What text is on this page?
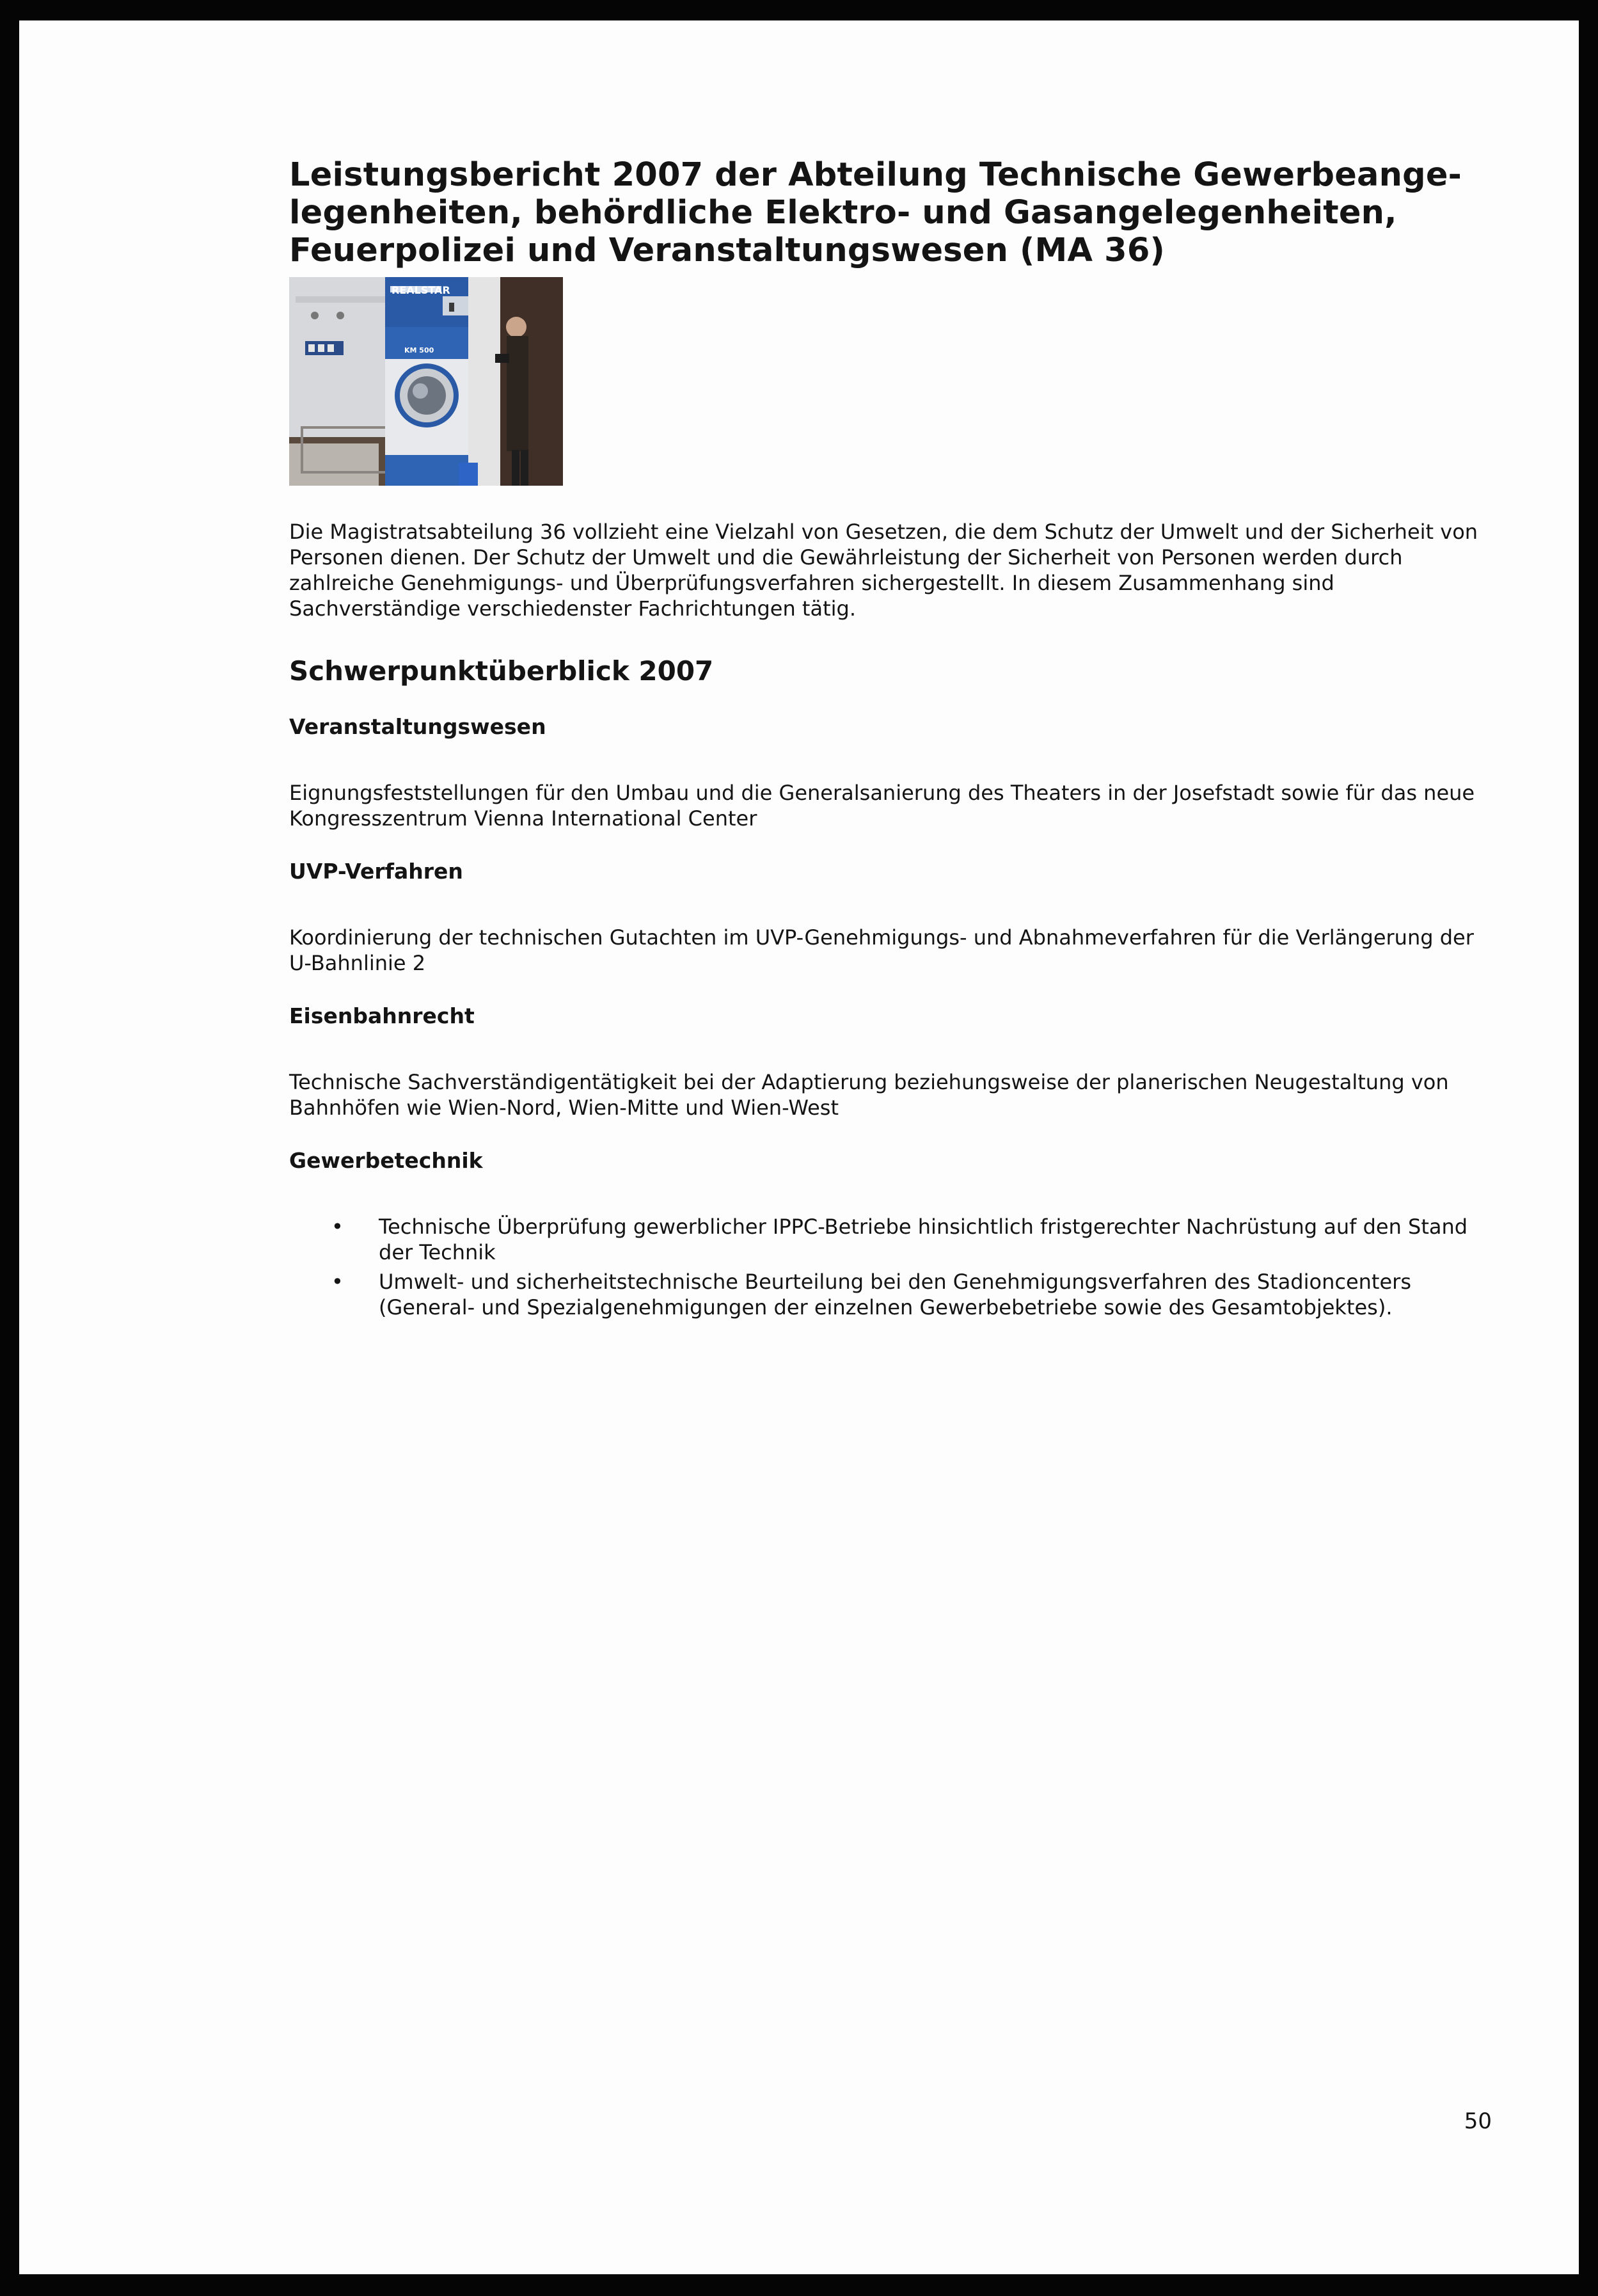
Leistungsbericht 2007 der Abteilung Technische Gewerbeange-
legenheiten, behördliche Elektro- und Gasangelegenheiten,
Feuerpolizei und Veranstaltungswesen (MA 36)
REALSTAR
KM 500

Die Magistratsabteilung 36 vollzieht eine Vielzahl von Gesetzen, die dem Schutz der Umwelt und der Sicherheit von
Personen dienen. Der Schutz der Umwelt und die Gewährleistung der Sicherheit von Personen werden durch
zahlreiche Genehmigungs- und Überprüfungsverfahren sichergestellt. In diesem Zusammenhang sind
Sachverständige verschiedenster Fachrichtungen tätig.

Schwerpunktüberblick 2007
Veranstaltungswesen

Eignungsfeststellungen für den Umbau und die Generalsanierung des Theaters in der Josefstadt sowie für das neue
Kongresszentrum Vienna International Center

UVP-Verfahren

Koordinierung der technischen Gutachten im UVP-Genehmigungs- und Abnahmeverfahren für die Verlängerung der
U-Bahnlinie 2

Eisenbahnrecht

Technische Sachverständigentätigkeit bei der Adaptierung beziehungsweise der planerischen Neugestaltung von
Bahnhöfen wie Wien-Nord, Wien-Mitte und Wien-West

Gewerbetechnik
• Technische Überprüfung gewerblicher IPPC-Betriebe hinsichtlich fristgerechter Nachrüstung auf den Stand
der Technik
• Umwelt- und sicherheitstechnische Beurteilung bei den Genehmigungsverfahren des Stadioncenters
(General- und Spezialgenehmigungen der einzelnen Gewerbebetriebe sowie des Gesamtobjektes).
50
